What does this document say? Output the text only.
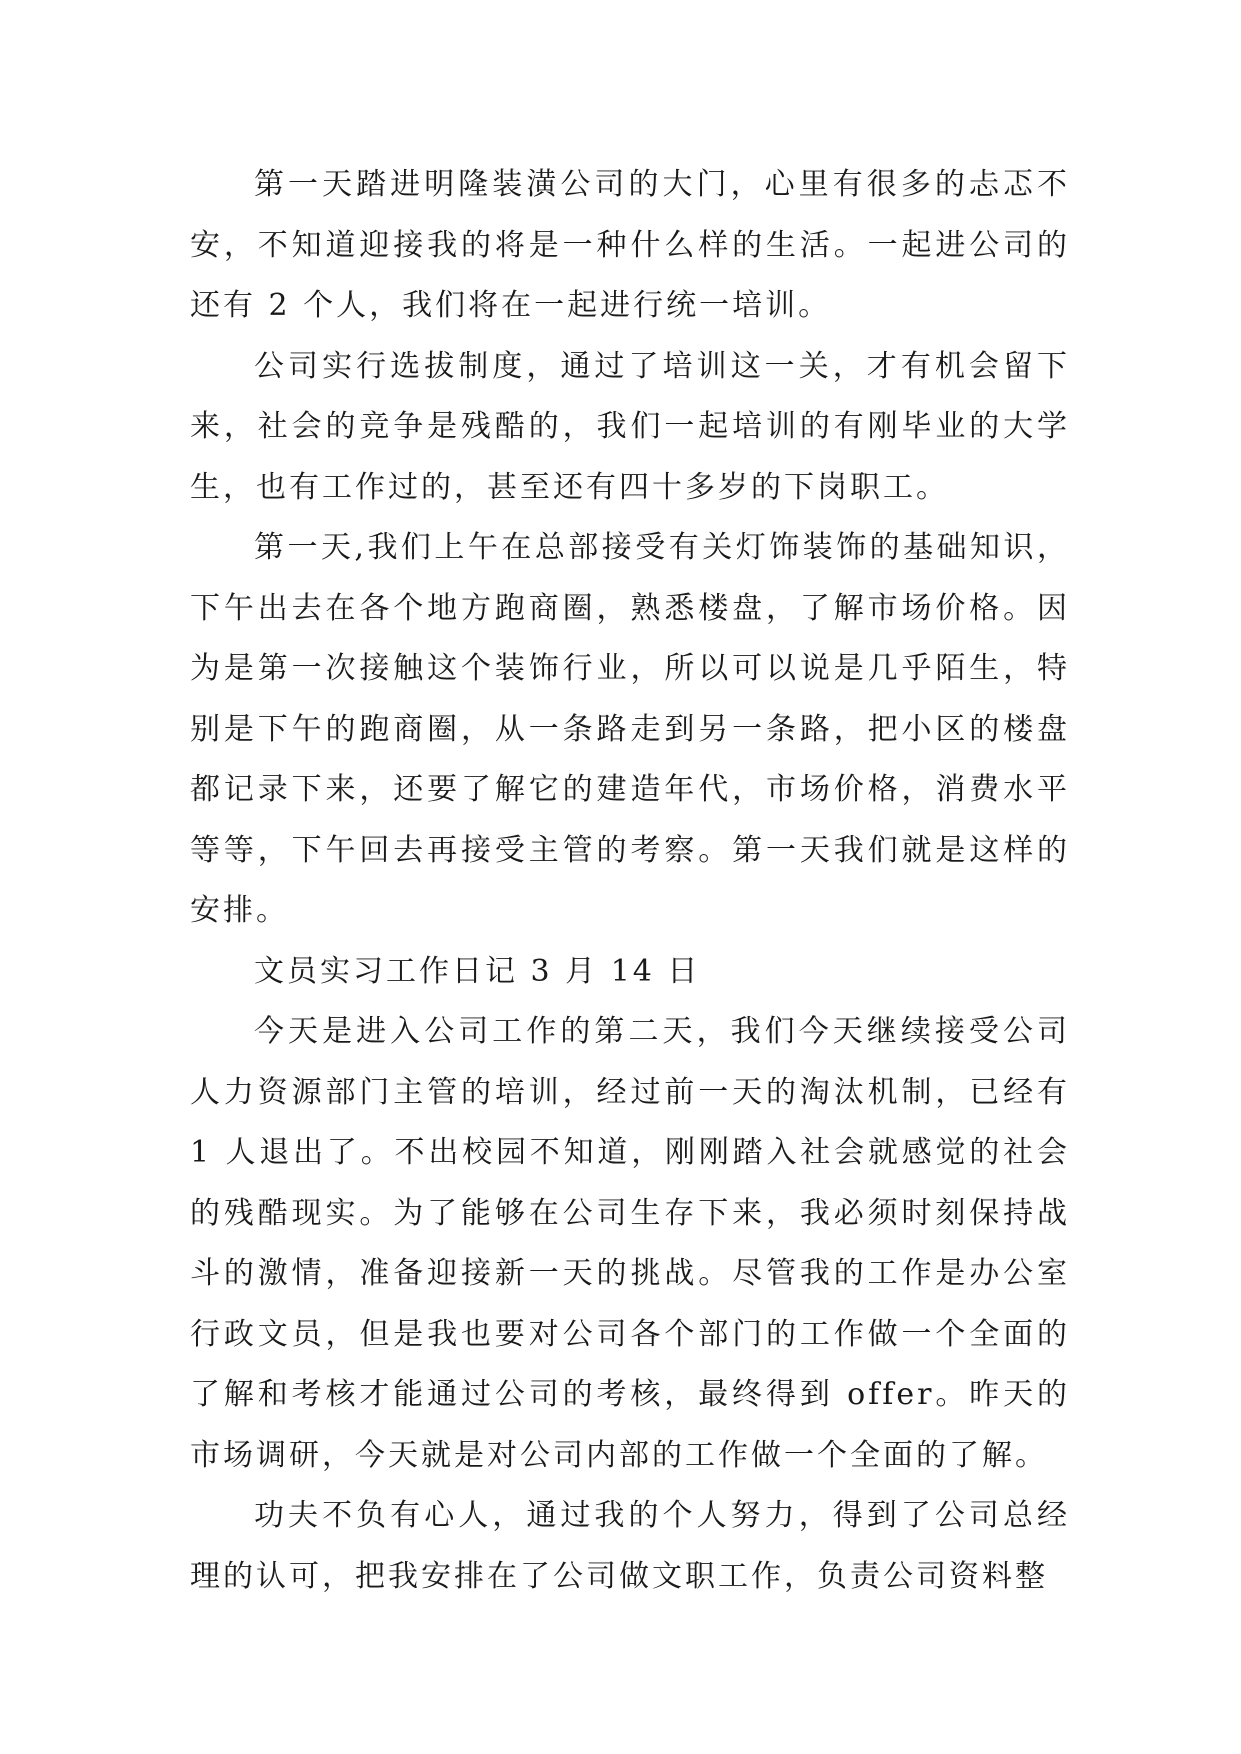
第一天踏进明隆装潢公司的大门，心里有很多的忐忑不安，不知道迎接我的将是一种什么样的生活。一起进公司的还有 2 个人，我们将在一起进行统一培训。

公司实行选拔制度，通过了培训这一关，才有机会留下来，社会的竞争是残酷的，我们一起培训的有刚毕业的大学生，也有工作过的，甚至还有四十多岁的下岗职工。

第一天,我们上午在总部接受有关灯饰装饰的基础知识，下午出去在各个地方跑商圈，熟悉楼盘，了解市场价格。因为是第一次接触这个装饰行业，所以可以说是几乎陌生，特别是下午的跑商圈，从一条路走到另一条路，把小区的楼盘都记录下来，还要了解它的建造年代，市场价格，消费水平等等，下午回去再接受主管的考察。第一天我们就是这样的安排。

文员实习工作日记 3 月 14 日

今天是进入公司工作的第二天，我们今天继续接受公司人力资源部门主管的培训，经过前一天的淘汰机制，已经有 1 人退出了。不出校园不知道，刚刚踏入社会就感觉的社会的残酷现实。为了能够在公司生存下来，我必须时刻保持战斗的激情，准备迎接新一天的挑战。尽管我的工作是办公室行政文员，但是我也要对公司各个部门的工作做一个全面的了解和考核才能通过公司的考核，最终得到 offer。昨天的市场调研，今天就是对公司内部的工作做一个全面的了解。

功夫不负有心人，通过我的个人努力，得到了公司总经理的认可，把我安排在了公司做文职工作，负责公司资料整
